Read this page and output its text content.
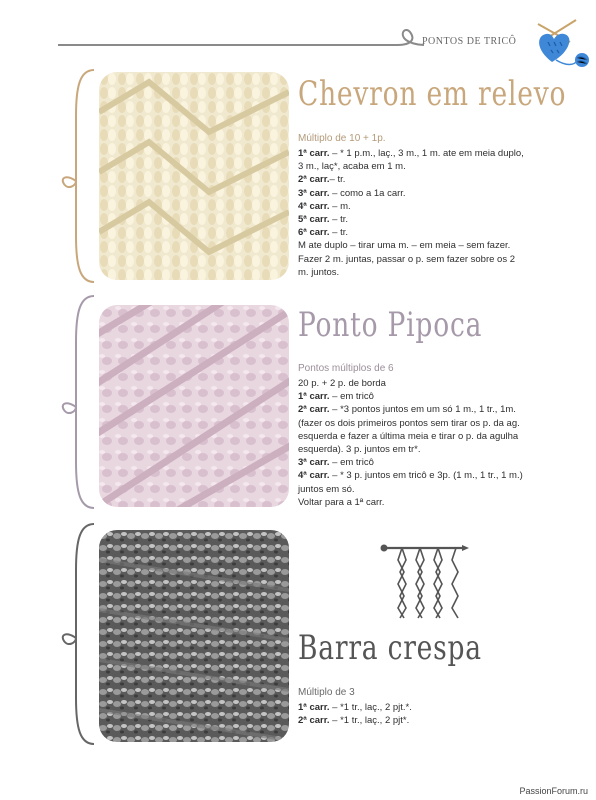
PONTOS DE TRICÔ
Chevron em relevo
Múltiplo de 10 + 1p.
1ª carr. – * 1 p.m., laç., 3 m., 1 m. ate em meia duplo,
3 m., laç*, acaba em 1 m.
2ª carr.– tr.
3ª carr. – como a 1a carr.
4ª carr. – m.
5ª carr. – tr.
6ª carr. – tr.
M ate duplo – tirar uma m. – em meia – sem fazer.
Fazer 2 m. juntas, passar o p. sem fazer sobre os 2
m. juntos.
Ponto Pipoca
Pontos múltiplos de 6
20 p. + 2 p. de borda
1ª carr. – em tricô
2ª carr. – *3 pontos juntos em um só 1 m., 1 tr., 1m.
(fazer os dois primeiros pontos sem tirar os p. da ag.
esquerda e fazer a última meia e tirar o p. da agulha
esquerda). 3 p. juntos em tr*.
3ª carr. – em tricô
4ª carr. – * 3 p. juntos em tricô e 3p. (1 m., 1 tr., 1 m.)
juntos em só.
Voltar para a 1ª carr.
Barra crespa
Múltiplo de 3
1ª carr. – *1 tr., laç., 2 pjt.*.
2ª carr. – *1 tr., laç., 2 pjt*.
PassionForum.ru
